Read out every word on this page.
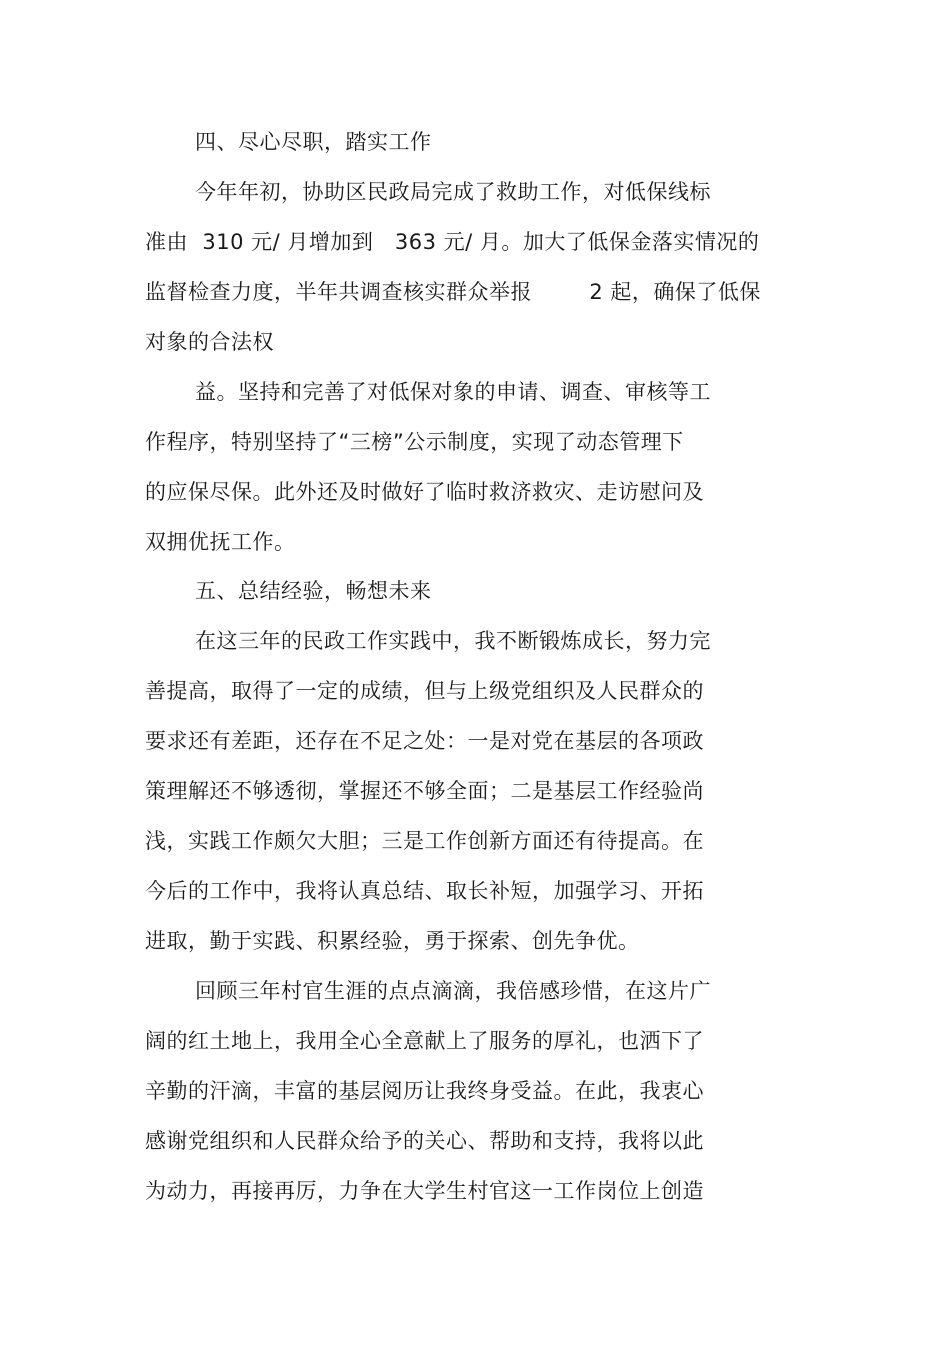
四、尽心尽职，踏实工作
今年年初，协助区民政局完成了救助工作，对低保线标
准由  310 元/ 月增加到   363 元/ 月。加大了低保金落实情况的
监督检查力度，半年共调查核实群众举报        2 起，确保了低保
对象的合法权
益。坚持和完善了对低保对象的申请、调查、审核等工
作程序，特别坚持了“三榜”公示制度，实现了动态管理下
的应保尽保。此外还及时做好了临时救济救灾、走访慰问及
双拥优抚工作。
五、总结经验，畅想未来
在这三年的民政工作实践中，我不断锻炼成长，努力完
善提高，取得了一定的成绩，但与上级党组织及人民群众的
要求还有差距，还存在不足之处：一是对党在基层的各项政
策理解还不够透彻，掌握还不够全面；二是基层工作经验尚
浅，实践工作颇欠大胆；三是工作创新方面还有待提高。在
今后的工作中，我将认真总结、取长补短，加强学习、开拓
进取，勤于实践、积累经验，勇于探索、创先争优。
回顾三年村官生涯的点点滴滴，我倍感珍惜，在这片广
阔的红土地上，我用全心全意献上了服务的厚礼，也洒下了
辛勤的汗滴，丰富的基层阅历让我终身受益。在此，我衷心
感谢党组织和人民群众给予的关心、帮助和支持，我将以此
为动力，再接再厉，力争在大学生村官这一工作岗位上创造
